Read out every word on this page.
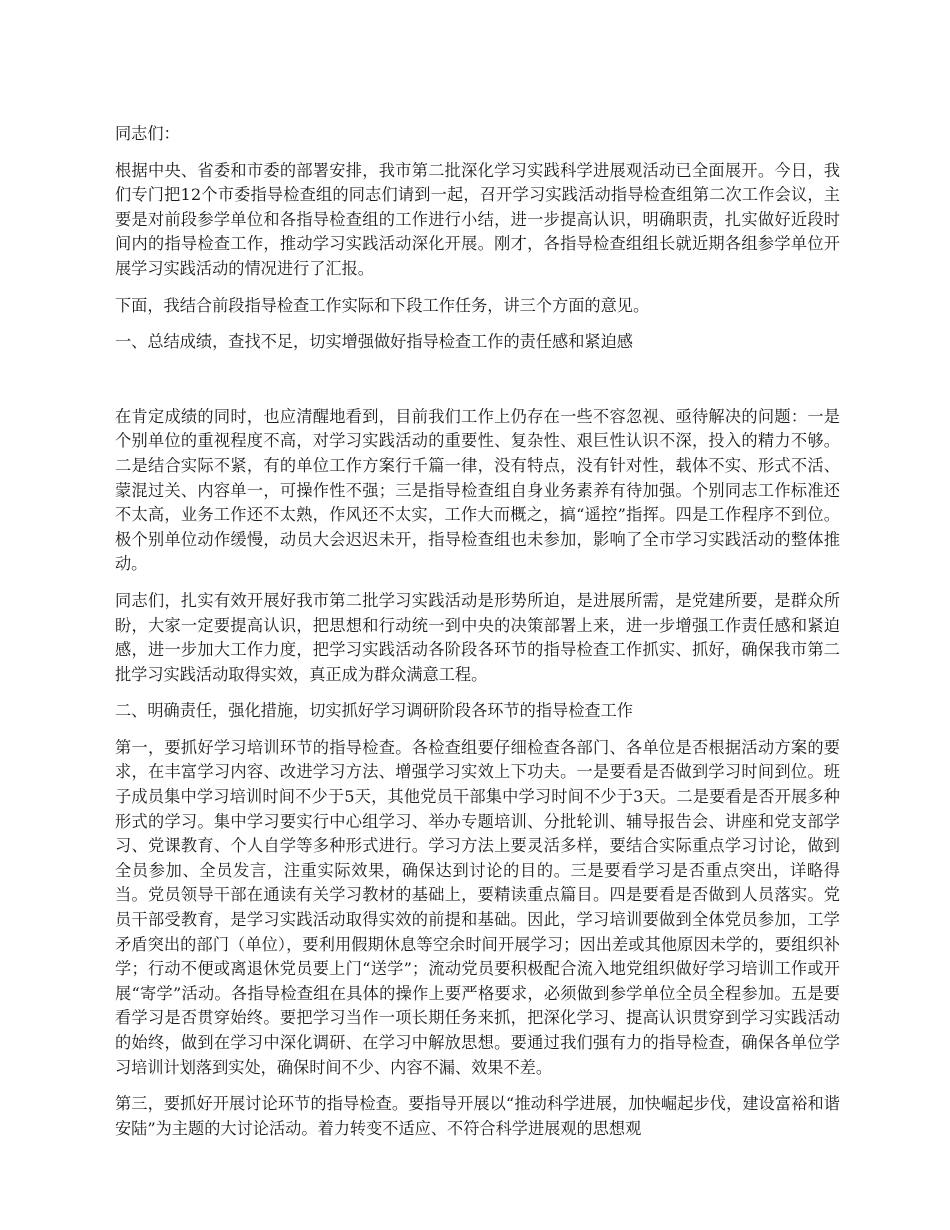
同志们：

根据中央、省委和市委的部署安排，我市第二批深化学习实践科学进展观活动已全面展开。今日，我们专门把12个市委指导检查组的同志们请到一起，召开学习实践活动指导检查组第二次工作会议，主要是对前段参学单位和各指导检查组的工作进行小结，进一步提高认识，明确职责，扎实做好近段时间内的指导检查工作，推动学习实践活动深化开展。刚才，各指导检查组组长就近期各组参学单位开展学习实践活动的情况进行了汇报。

下面，我结合前段指导检查工作实际和下段工作任务，讲三个方面的意见。

一、总结成绩，查找不足，切实增强做好指导检查工作的责任感和紧迫感

在肯定成绩的同时，也应清醒地看到，目前我们工作上仍存在一些不容忽视、亟待解决的问题：一是个别单位的重视程度不高，对学习实践活动的重要性、复杂性、艰巨性认识不深，投入的精力不够。二是结合实际不紧，有的单位工作方案行千篇一律，没有特点，没有针对性，载体不实、形式不活、蒙混过关、内容单一，可操作性不强；三是指导检查组自身业务素养有待加强。个别同志工作标准还不太高，业务工作还不太熟，作风还不太实，工作大而概之，搞“遥控”指挥。四是工作程序不到位。极个别单位动作缓慢，动员大会迟迟未开，指导检查组也未参加，影响了全市学习实践活动的整体推动。

同志们，扎实有效开展好我市第二批学习实践活动是形势所迫，是进展所需，是党建所要，是群众所盼，大家一定要提高认识，把思想和行动统一到中央的决策部署上来，进一步增强工作责任感和紧迫感，进一步加大工作力度，把学习实践活动各阶段各环节的指导检查工作抓实、抓好，确保我市第二批学习实践活动取得实效，真正成为群众满意工程。

二、明确责任，强化措施，切实抓好学习调研阶段各环节的指导检查工作

第一，要抓好学习培训环节的指导检查。各检查组要仔细检查各部门、各单位是否根据活动方案的要求，在丰富学习内容、改进学习方法、增强学习实效上下功夫。一是要看是否做到学习时间到位。班子成员集中学习培训时间不少于5天，其他党员干部集中学习时间不少于3天。二是要看是否开展多种形式的学习。集中学习要实行中心组学习、举办专题培训、分批轮训、辅导报告会、讲座和党支部学习、党课教育、个人自学等多种形式进行。学习方法上要灵活多样，要结合实际重点学习讨论，做到全员参加、全员发言，注重实际效果，确保达到讨论的目的。三是要看学习是否重点突出，详略得当。党员领导干部在通读有关学习教材的基础上，要精读重点篇目。四是要看是否做到人员落实。党员干部受教育，是学习实践活动取得实效的前提和基础。因此，学习培训要做到全体党员参加，工学矛盾突出的部门（单位），要利用假期休息等空余时间开展学习；因出差或其他原因未学的，要组织补学；行动不便或离退休党员要上门“送学”；流动党员要积极配合流入地党组织做好学习培训工作或开展“寄学”活动。各指导检查组在具体的操作上要严格要求，必须做到参学单位全员全程参加。五是要看学习是否贯穿始终。要把学习当作一项长期任务来抓，把深化学习、提高认识贯穿到学习实践活动的始终，做到在学习中深化调研、在学习中解放思想。要通过我们强有力的指导检查，确保各单位学习培训计划落到实处，确保时间不少、内容不漏、效果不差。

第三，要抓好开展讨论环节的指导检查。要指导开展以“推动科学进展，加快崛起步伐，建设富裕和谐安陆”为主题的大讨论活动。着力转变不适应、不符合科学进展观的思想观
